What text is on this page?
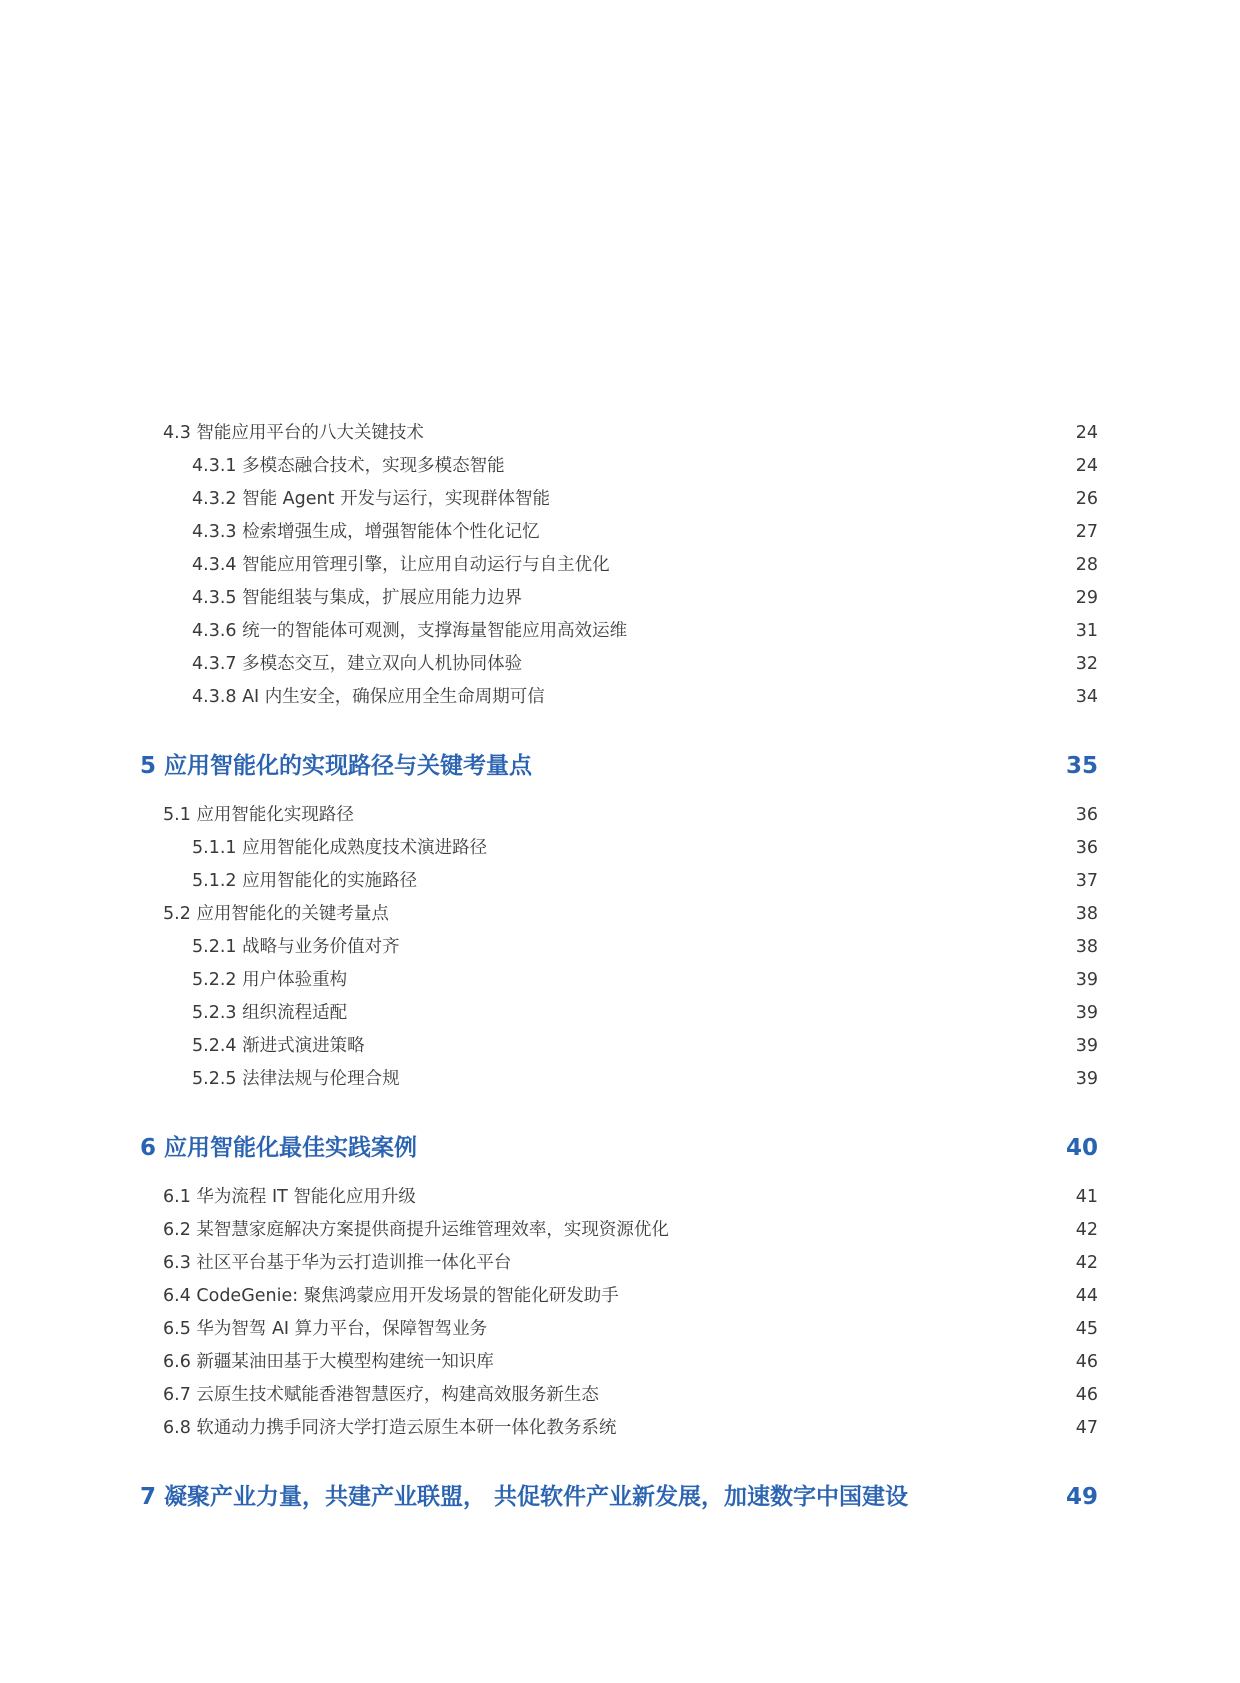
4.3 智能应用平台的八大关键技术	24
4.3.1 多模态融合技术，实现多模态智能	24
4.3.2 智能 Agent 开发与运行，实现群体智能	26
4.3.3 检索增强生成，增强智能体个性化记忆	27
4.3.4 智能应用管理引擎，让应用自动运行与自主优化	28
4.3.5 智能组装与集成，扩展应用能力边界	29
4.3.6 统一的智能体可观测，支撑海量智能应用高效运维	31
4.3.7 多模态交互，建立双向人机协同体验	32
4.3.8 AI 内生安全，确保应用全生命周期可信	34
5 应用智能化的实现路径与关键考量点	35
5.1 应用智能化实现路径	36
5.1.1 应用智能化成熟度技术演进路径	36
5.1.2 应用智能化的实施路径	37
5.2 应用智能化的关键考量点	38
5.2.1 战略与业务价值对齐	38
5.2.2 用户体验重构	39
5.2.3 组织流程适配	39
5.2.4 渐进式演进策略	39
5.2.5 法律法规与伦理合规	39
6 应用智能化最佳实践案例	40
6.1 华为流程 IT 智能化应用升级	41
6.2 某智慧家庭解决方案提供商提升运维管理效率，实现资源优化	42
6.3 社区平台基于华为云打造训推一体化平台	42
6.4 CodeGenie: 聚焦鸿蒙应用开发场景的智能化研发助手	44
6.5 华为智驾 AI 算力平台，保障智驾业务	45
6.6 新疆某油田基于大模型构建统一知识库	46
6.7 云原生技术赋能香港智慧医疗，构建高效服务新生态	46
6.8 软通动力携手同济大学打造云原生本研一体化教务系统	47
7 凝聚产业力量，共建产业联盟， 共促软件产业新发展，加速数字中国建设	49
